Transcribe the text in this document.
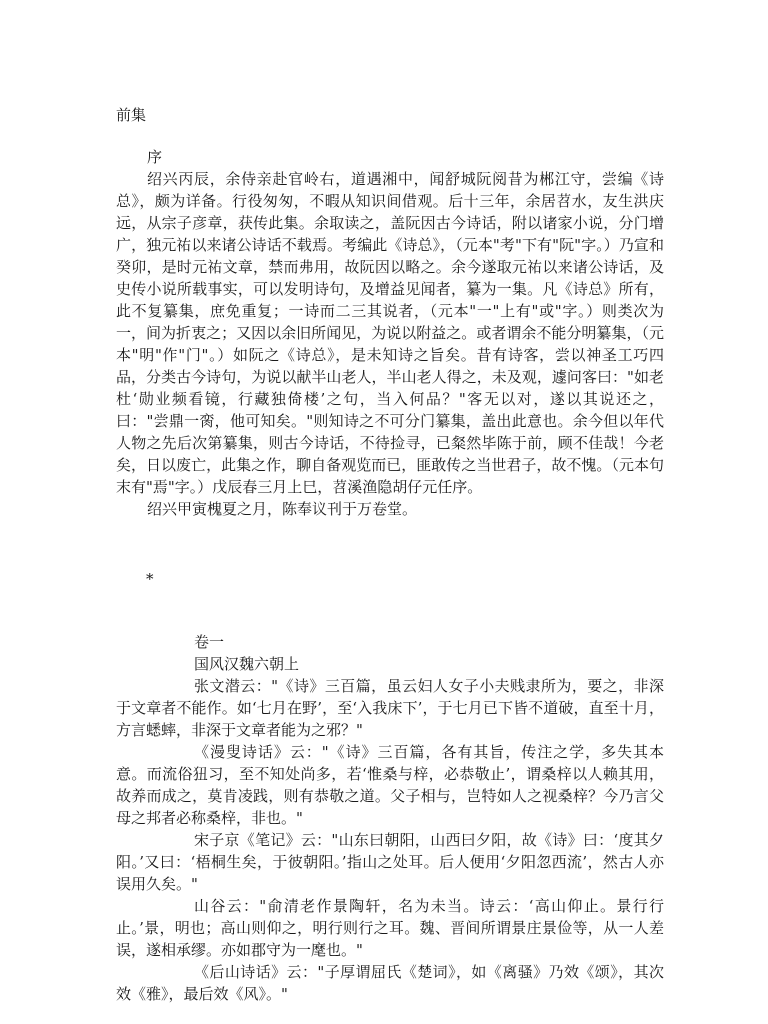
前集
序

绍兴丙辰，余侍亲赴官岭右，道遇湘中，闻舒城阮阅昔为郴江守，尝编《诗总》，颇为详备。行役匆匆，不暇从知识间借观。后十三年，余居苕水，友生洪庆远，从宗子彦章，获传此集。余取读之，盖阮因古今诗话，附以诸家小说，分门增广，独元祐以来诸公诗话不载焉。考编此《诗总》，（元本"考"下有"阮"字。）乃宣和癸卯，是时元祐文章，禁而弗用，故阮因以略之。余今遂取元祐以来诸公诗话，及史传小说所载事实，可以发明诗句，及增益见闻者，纂为一集。凡《诗总》所有，此不复纂集，庶免重复；一诗而二三其说者，（元本"一"上有"或"字。）则类次为一，间为折衷之；又因以余旧所闻见，为说以附益之。或者谓余不能分明纂集，（元本"明"作"门"。）如阮之《诗总》，是未知诗之旨矣。昔有诗客，尝以神圣工巧四品，分类古今诗句，为说以献半山老人，半山老人得之，未及观，遽问客曰："如老杜‘勋业频看镜，行藏独倚楼’之句，当入何品？"客无以对，遂以其说还之，曰："尝鼎一脔，他可知矣。"则知诗之不可分门纂集，盖出此意也。余今但以年代人物之先后次第纂集，则古今诗话，不待捡寻，已粲然毕陈于前，顾不佳哉！今老矣，日以废亡，此集之作，聊自备观览而已，匪敢传之当世君子，故不愧。（元本句末有"焉"字。）戊辰春三月上巳，苕溪渔隐胡仔元任序。

绍兴甲寅槐夏之月，陈奉议刊于万卷堂。

*
卷一
国风汉魏六朝上

张文潜云："《诗》三百篇，虽云妇人女子小夫贱隶所为，要之，非深于文章者不能作。如‘七月在野’，至‘入我床下’，于七月已下皆不道破，直至十月，方言蟋蟀，非深于文章者能为之邪？"

《漫叟诗话》云："《诗》三百篇，各有其旨，传注之学，多失其本意。而流俗狃习，至不知处尚多，若‘惟桑与梓，必恭敬止’，谓桑梓以人赖其用，故养而成之，莫肯凌践，则有恭敬之道。父子相与，岂特如人之视桑梓？今乃言父母之邦者必称桑梓，非也。"

宋子京《笔记》云："山东曰朝阳，山西曰夕阳，故《诗》曰：‘度其夕阳。’又曰：‘梧桐生矣，于彼朝阳。’指山之处耳。后人便用‘夕阳忽西流’，然古人亦误用久矣。"

山谷云："俞清老作景陶轩，名为未当。诗云：‘高山仰止。景行行止。’景，明也；高山则仰之，明行则行之耳。魏、晋间所谓景庄景俭等，从一人差误，遂相承缪。亦如郡守为一麾也。"

《后山诗话》云："子厚谓屈氏《楚词》，如《离骚》乃效《颂》，其次效《雅》，最后效《风》。"
